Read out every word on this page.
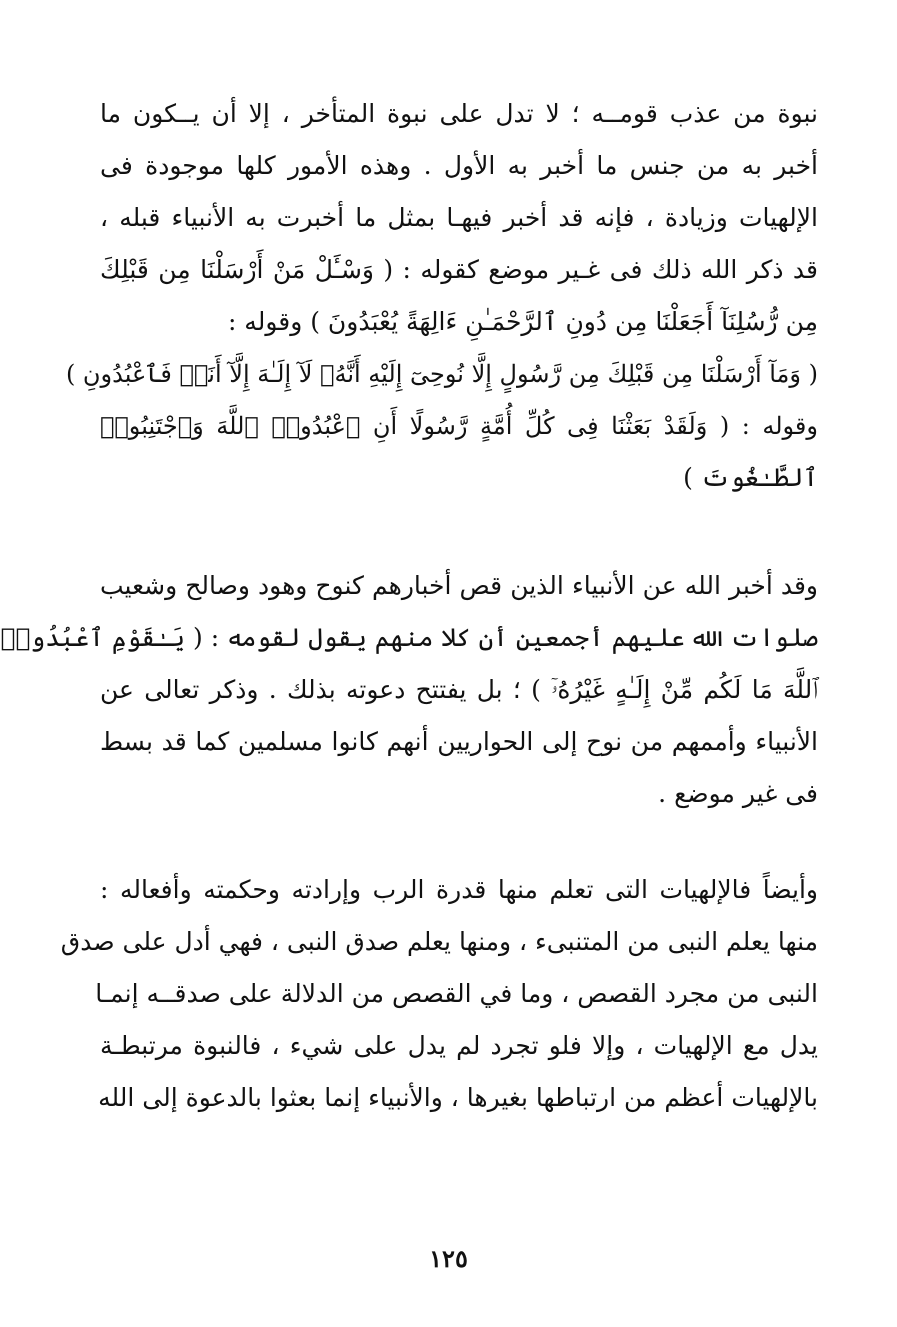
نبوة من عذب قومــه ؛ لا تدل على نبوة المتأخر ، إلا أن يــكون ما
أخبر به من جنس ما أخبر به الأول . وهذه الأمور كلها موجودة فى
الإلهيات وزيادة ، فإنه قد أخبر فيهـا بمثل ما أخبرت به الأنبياء قبله ،
قد ذكر الله ذلك فى غـير موضع كقوله : ( وَسْـَٔلْ مَنْ أَرْسَلْنَا مِن قَبْلِكَ
مِن رُّسُلِنَآ أَجَعَلْنَا مِن دُونِ ٱلرَّحْمَـٰنِ ءَالِهَةً يُعْبَدُونَ ) وقوله :
( وَمَآ أَرْسَلْنَا مِن قَبْلِكَ مِن رَّسُولٍ إِلَّا نُوحِىٓ إِلَيْهِ أَنَّهُۥ لَآ إِلَـٰهَ إِلَّآ أَنَا۠ فَٱعْبُدُونِ )
وقوله : ( وَلَقَدْ بَعَثْنَا فِى كُلِّ أُمَّةٍ رَّسُولًا أَنِ ٱعْبُدُوا۟ ٱللَّهَ وَٱجْتَنِبُوا۟
ٱلطَّـٰغُوتَ )
وقد أخبر الله عن الأنبياء الذين قص أخبارهم كنوح وهود وصالح وشعيب
صلوات الله عليهم أجمعين أن كلا منهم يقول لقومه : ( يَـٰقَوْمِ ٱعْبُدُوا۟
ٱللَّهَ مَا لَكُم مِّنْ إِلَـٰهٍ غَيْرُهُۥٓ ) ؛ بل يفتتح دعوته بذلك . وذكر تعالى عن
الأنبياء وأممهم من نوح إلى الحواريين أنهم كانوا مسلمين كما قد بسط
فى غير موضع .
وأيضاً فالإلهيات التى تعلم منها قدرة الرب وإرادته وحكمته وأفعاله :
منها يعلم النبى من المتنبىء ، ومنها يعلم صدق النبى ، فهي أدل على صدق
النبى من مجرد القصص ، وما في القصص من الدلالة على صدقــه إنمـا
يدل مع الإلهيات ، وإلا فلو تجرد لم يدل على شيء ، فالنبوة مرتبطـة
بالإلهيات أعظم من ارتباطها بغيرها ، والأنبياء إنما بعثوا بالدعوة إلى الله
١٢٥
